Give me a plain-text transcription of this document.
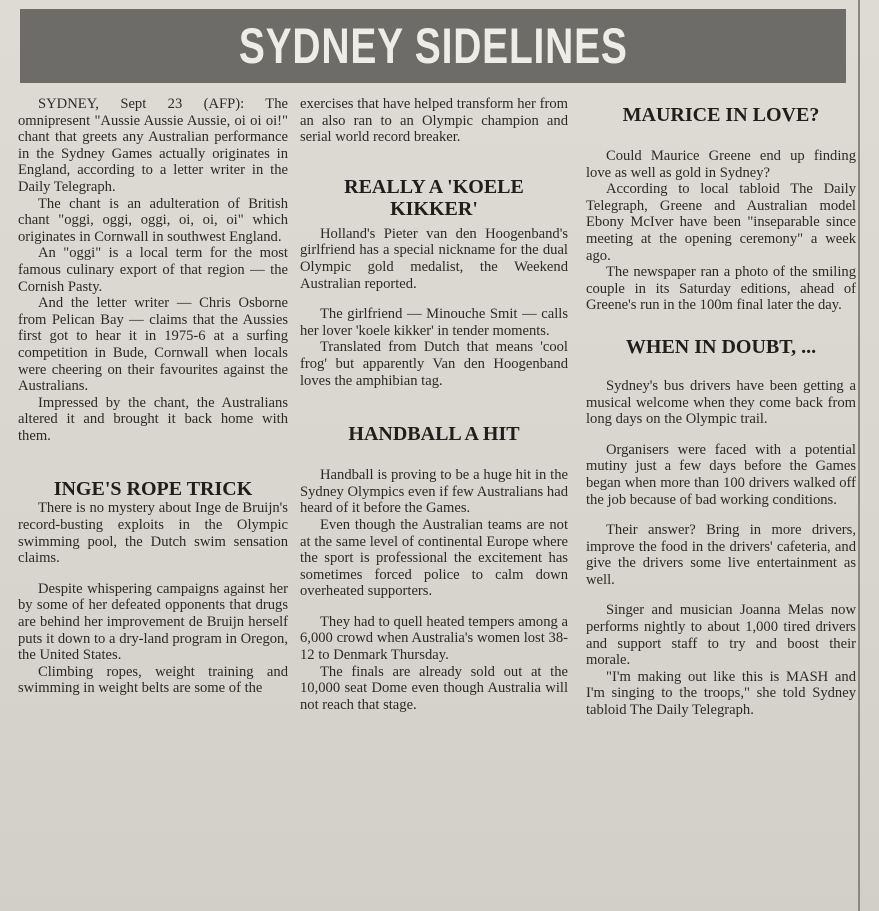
SYDNEY SIDELINES

SYDNEY, Sept 23 (AFP): The omnipresent "Aussie Aussie Aussie, oi oi oi!" chant that greets any Australian performance in the Sydney Games actually originates in England, according to a letter writer in the Daily Telegraph.

The chant is an adulteration of British chant "oggi, oggi, oggi, oi, oi, oi" which originates in Cornwall in southwest England.

An "oggi" is a local term for the most famous culinary export of that region — the Cornish Pasty.

And the letter writer — Chris Osborne from Pelican Bay — claims that the Aussies first got to hear it in 1975-6 at a surfing competition in Bude, Cornwall when locals were cheering on their favourites against the Australians.

Impressed by the chant, the Australians altered it and brought it back home with them.

INGE'S ROPE TRICK

There is no mystery about Inge de Bruijn's record-busting exploits in the Olympic swimming pool, the Dutch swim sensation claims.

Despite whispering campaigns against her by some of her defeated opponents that drugs are behind her improvement de Bruijn herself puts it down to a dry-land program in Oregon, the United States.

Climbing ropes, weight training and swimming in weight belts are some of the

exercises that have helped transform her from an also ran to an Olympic champion and serial world record breaker.

REALLY A 'KOELE KIKKER'

Holland's Pieter van den Hoogenband's girlfriend has a special nickname for the dual Olympic gold medalist, the Weekend Australian reported.

The girlfriend — Minouche Smit — calls her lover 'koele kikker' in tender moments.

Translated from Dutch that means 'cool frog' but apparently Van den Hoogenband loves the amphibian tag.

HANDBALL A HIT

Handball is proving to be a huge hit in the Sydney Olympics even if few Australians had heard of it before the Games.

Even though the Australian teams are not at the same level of continental Europe where the sport is professional the excitement has sometimes forced police to calm down overheated supporters.

They had to quell heated tempers among a 6,000 crowd when Australia's women lost 38-12 to Denmark Thursday.

The finals are already sold out at the 10,000 seat Dome even though Australia will not reach that stage.

MAURICE IN LOVE?

Could Maurice Greene end up finding love as well as gold in Sydney?

According to local tabloid The Daily Telegraph, Greene and Australian model Ebony McIver have been "inseparable since meeting at the opening ceremony" a week ago.

The newspaper ran a photo of the smiling couple in its Saturday editions, ahead of Greene's run in the 100m final later the day.

WHEN IN DOUBT, ...

Sydney's bus drivers have been getting a musical welcome when they come back from long days on the Olympic trail.

Organisers were faced with a potential mutiny just a few days before the Games began when more than 100 drivers walked off the job because of bad working conditions.

Their answer? Bring in more drivers, improve the food in the drivers' cafeteria, and give the drivers some live entertainment as well.

Singer and musician Joanna Melas now performs nightly to about 1,000 tired drivers and support staff to try and boost their morale.

"I'm making out like this is MASH and I'm singing to the troops," she told Sydney tabloid The Daily Telegraph.
